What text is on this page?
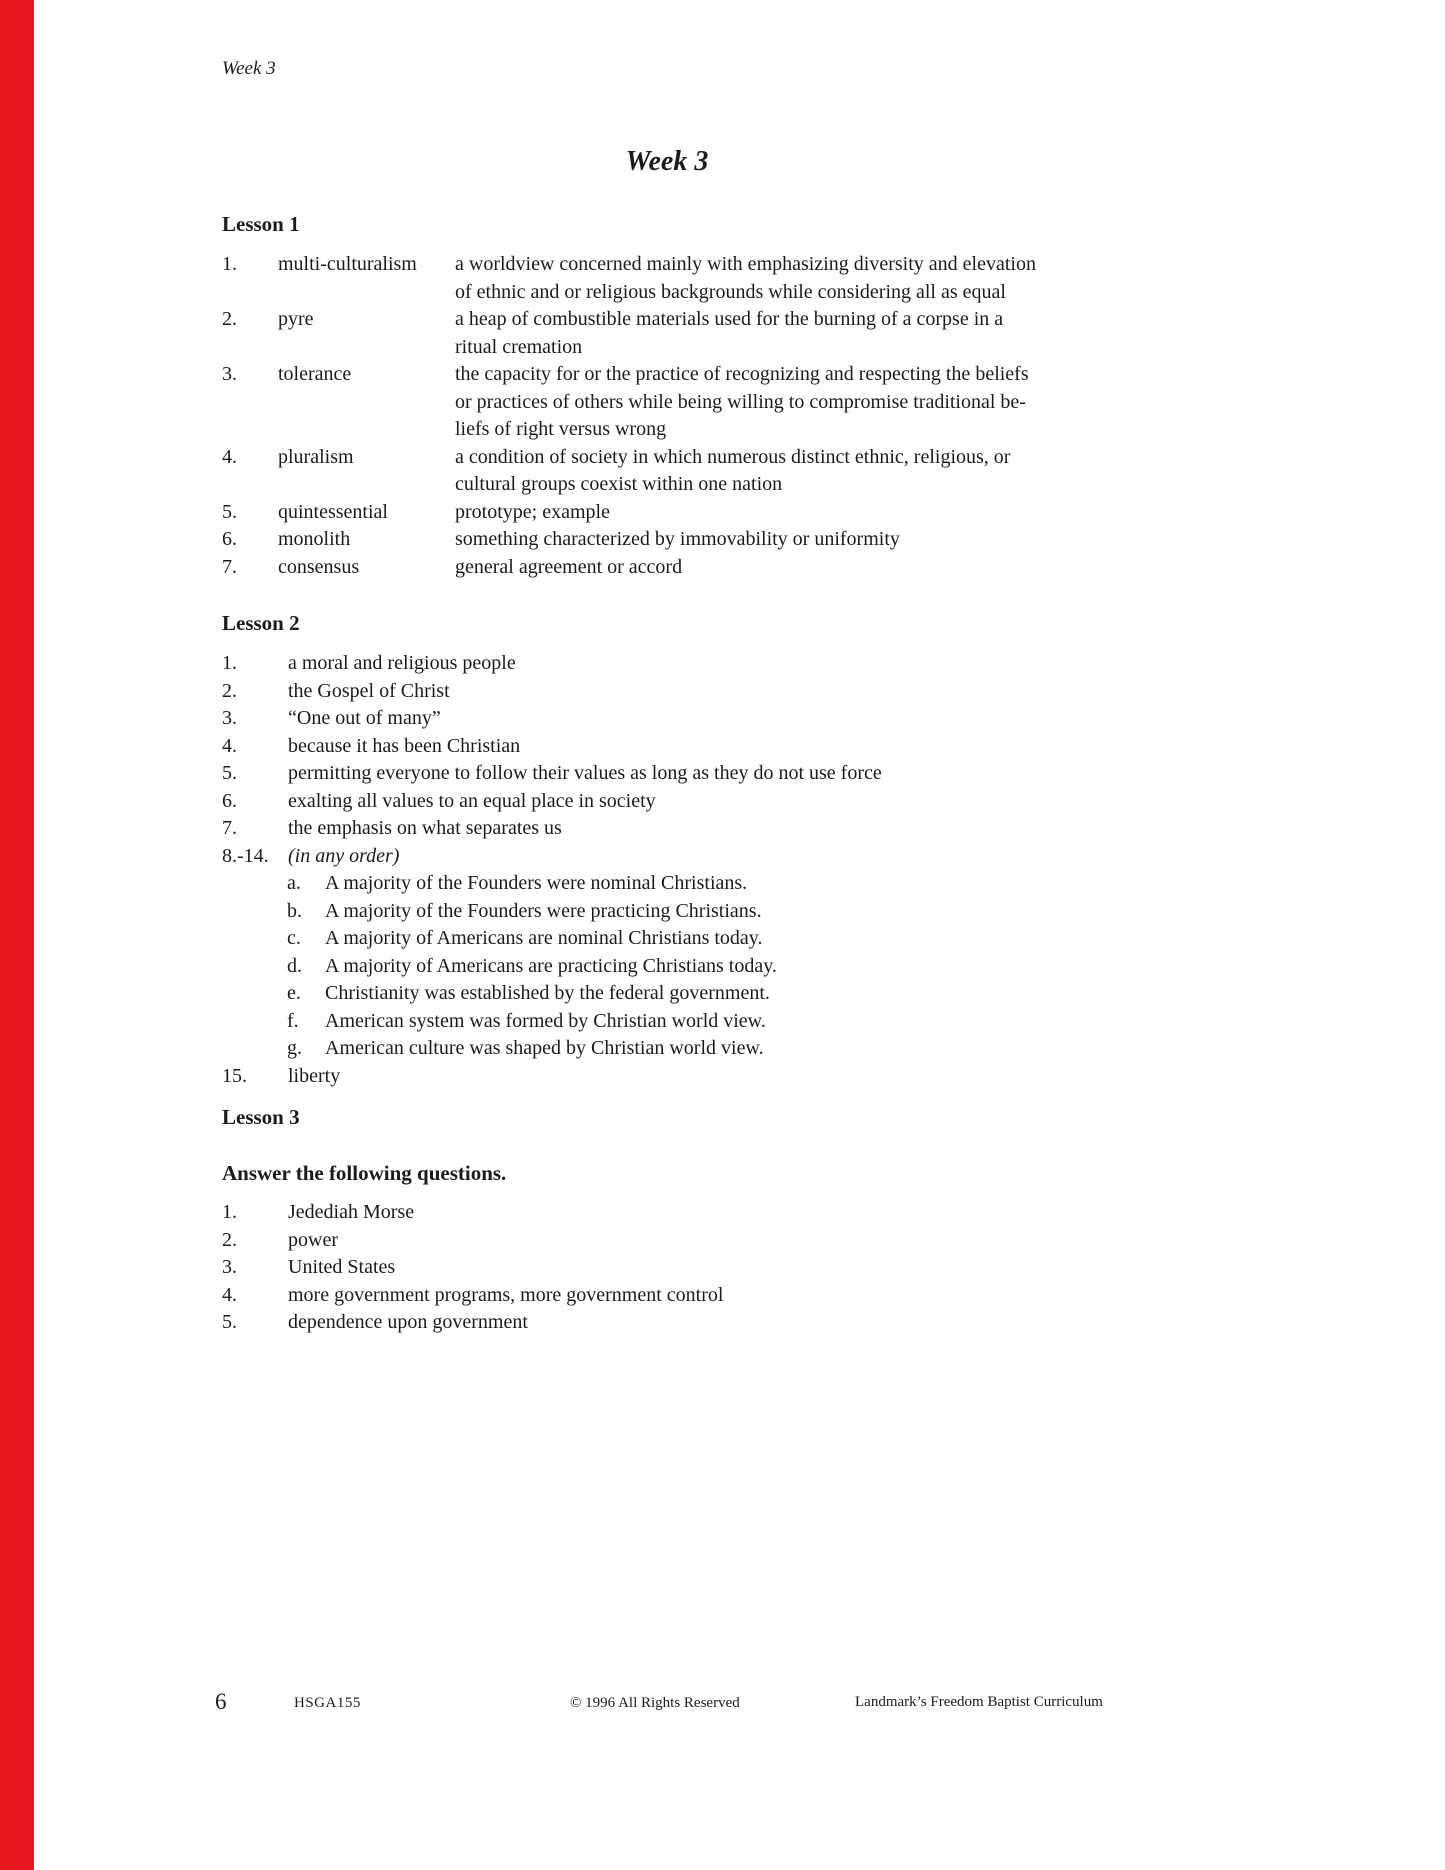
Week 3
Week 3
Lesson 1
1.	multi-culturalism	a worldview concerned mainly with emphasizing diversity and elevation
of ethnic and or religious backgrounds while considering all as equal
2.	pyre	a heap of combustible materials used for the burning of a corpse in a
ritual cremation
3.	tolerance	the capacity for or the practice of recognizing and respecting the beliefs
or practices of others while being willing to compromise traditional be-
liefs of right versus wrong
4.	pluralism	a condition of society in which numerous distinct ethnic, religious, or
cultural groups coexist within one nation
5.	quintessential	prototype; example
6.	monolith	something characterized by immovability or uniformity
7.	consensus	general agreement or accord
Lesson 2
1.	a moral and religious people
2.	the Gospel of Christ
3.	“One out of many”
4.	because it has been Christian
5.	permitting everyone to follow their values as long as they do not use force
6.	exalting all values to an equal place in society
7.	the emphasis on what separates us
8.-14. (in any order)
a.	A majority of the Founders were nominal Christians.
b.	A majority of the Founders were practicing Christians.
c.	A majority of Americans are nominal Christians today.
d.	A majority of Americans are practicing Christians today.
e.	Christianity was established by the federal government.
f.	American system was formed by Christian world view.
g.	American culture was shaped by Christian world view.
15.	liberty
Lesson 3

Answer the following questions.

1.	Jedediah Morse
2.	power
3.	United States
4.	more government programs, more government control
5.	dependence upon government
6	HSGA155	© 1996 All Rights Reserved	Landmark’s Freedom Baptist Curriculum
